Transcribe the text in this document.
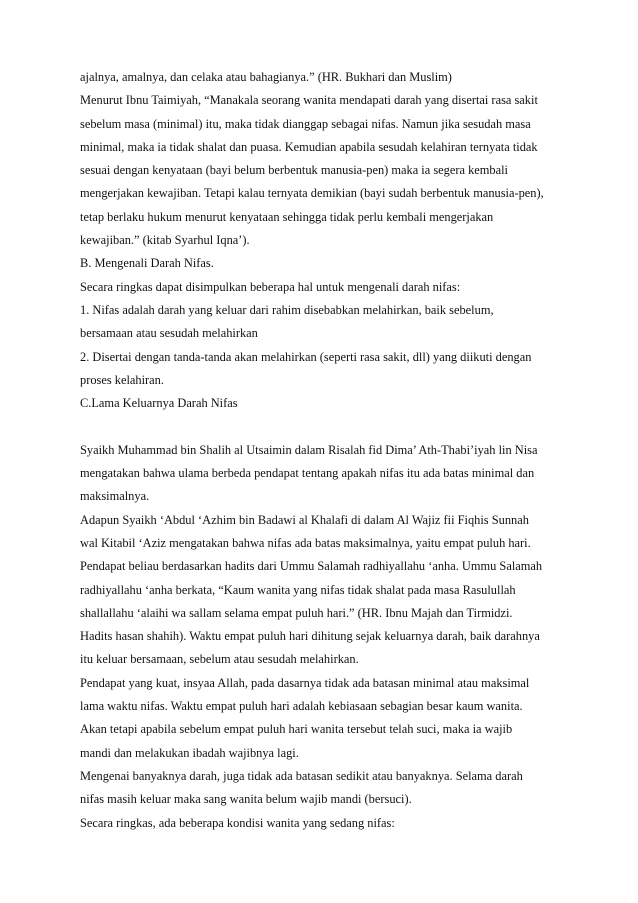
ajalnya, amalnya, dan celaka atau bahagianya.” (HR. Bukhari dan Muslim)
Menurut Ibnu Taimiyah, “Manakala seorang wanita mendapati darah yang disertai rasa sakit
sebelum masa (minimal) itu, maka tidak dianggap sebagai nifas. Namun jika sesudah masa
minimal, maka ia tidak shalat dan puasa. Kemudian apabila sesudah kelahiran ternyata tidak
sesuai dengan kenyataan (bayi belum berbentuk manusia-pen) maka ia segera kembali
mengerjakan kewajiban. Tetapi kalau ternyata demikian (bayi sudah berbentuk manusia-pen),
tetap berlaku hukum menurut kenyataan sehingga tidak perlu kembali mengerjakan
kewajiban.” (kitab Syarhul Iqna’).
B. Mengenali Darah Nifas.
Secara ringkas dapat disimpulkan beberapa hal untuk mengenali darah nifas:
1. Nifas adalah darah yang keluar dari rahim disebabkan melahirkan, baik sebelum,
bersamaan atau sesudah melahirkan
2. Disertai dengan tanda-tanda akan melahirkan (seperti rasa sakit, dll) yang diikuti dengan
proses kelahiran.
C.Lama Keluarnya Darah Nifas
Syaikh Muhammad bin Shalih al Utsaimin dalam Risalah fid Dima’ Ath-Thabi’iyah lin Nisa
mengatakan bahwa ulama berbeda pendapat tentang apakah nifas itu ada batas minimal dan
maksimalnya.
Adapun Syaikh ‘Abdul ‘Azhim bin Badawi al Khalafi di dalam Al Wajiz fii Fiqhis Sunnah
wal Kitabil ‘Aziz mengatakan bahwa nifas ada batas maksimalnya, yaitu empat puluh hari.
Pendapat beliau berdasarkan hadits dari Ummu Salamah radhiyallahu ‘anha. Ummu Salamah
radhiyallahu ‘anha berkata, “Kaum wanita yang nifas tidak shalat pada masa Rasulullah
shallallahu ‘alaihi wa sallam selama empat puluh hari.” (HR. Ibnu Majah dan Tirmidzi.
Hadits hasan shahih). Waktu empat puluh hari dihitung sejak keluarnya darah, baik darahnya
itu keluar bersamaan, sebelum atau sesudah melahirkan.
Pendapat yang kuat, insyaa Allah, pada dasarnya tidak ada batasan minimal atau maksimal
lama waktu nifas. Waktu empat puluh hari adalah kebiasaan sebagian besar kaum wanita.
Akan tetapi apabila sebelum empat puluh hari wanita tersebut telah suci, maka ia wajib
mandi dan melakukan ibadah wajibnya lagi.
Mengenai banyaknya darah, juga tidak ada batasan sedikit atau banyaknya. Selama darah
nifas masih keluar maka sang wanita belum wajib mandi (bersuci).
Secara ringkas, ada beberapa kondisi wanita yang sedang nifas:
